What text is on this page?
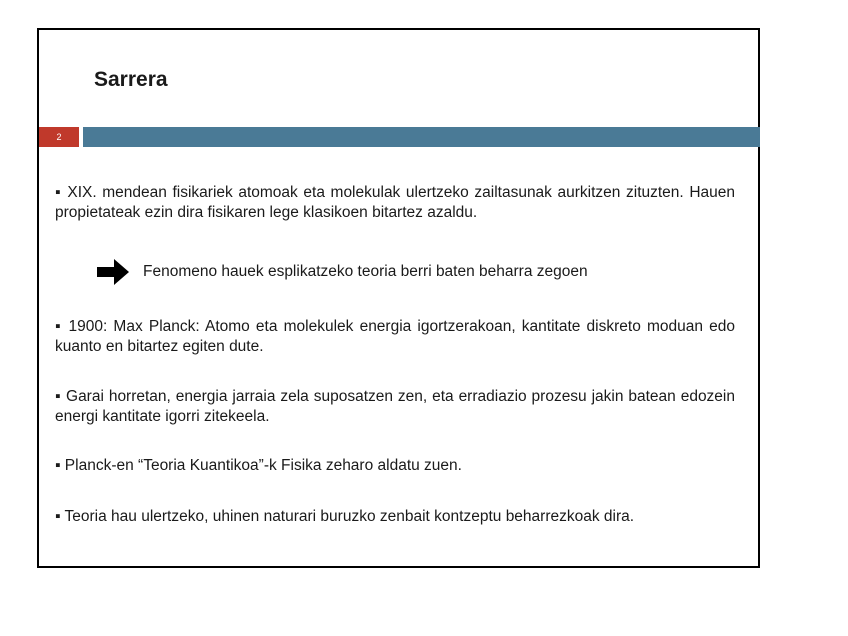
Sarrera
2
▪ XIX. mendean fisikariek atomoak eta molekulak ulertzeko zailtasunak aurkitzen zituzten. Hauen propietateak ezin dira fisikaren lege klasikoen bitartez azaldu.
Fenomeno hauek esplikatzeko teoria berri baten beharra zegoen
▪ 1900: Max Planck: Atomo eta molekulek energia igortzerakoan, kantitate diskreto moduan edo kuanto en bitartez egiten dute.
▪ Garai horretan, energia jarraia zela suposatzen zen, eta erradiazio prozesu jakin batean edozein energi kantitate igorri zitekeela.
▪ Planck-en “Teoria Kuantikoa”-k Fisika zeharo aldatu zuen.
▪ Teoria hau ulertzeko, uhinen naturari buruzko zenbait kontzeptu beharrezkoak dira.
